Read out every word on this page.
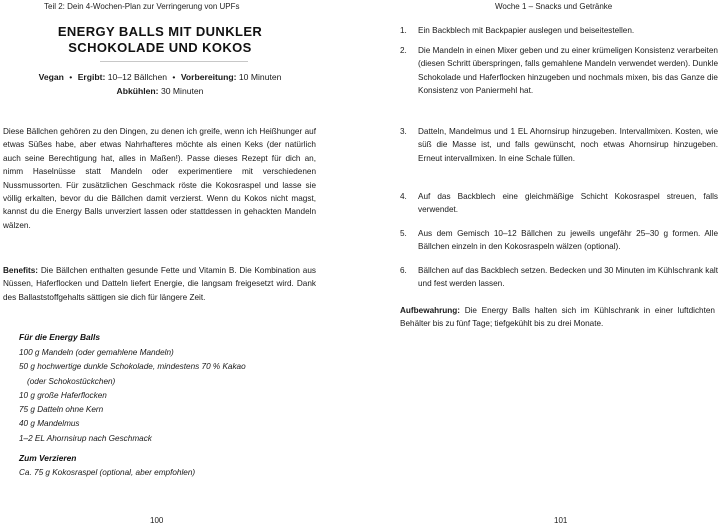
Teil 2: Dein 4-Wochen-Plan zur Verringerung von UPFs
ENERGY BALLS MIT DUNKLER
SCHOKOLADE UND KOKOS
Vegan • Ergibt: 10–12 Bällchen • Vorbereitung: 10 Minuten
Abkühlen: 30 Minuten
Diese Bällchen gehören zu den Dingen, zu denen ich greife, wenn ich Heißhunger auf etwas Süßes habe, aber etwas Nahrhafteres möchte als einen Keks (der natürlich auch seine Berechtigung hat, alles in Maßen!). Passe dieses Rezept für dich an, nimm Haselnüsse statt Mandeln oder experimentiere mit verschiedenen Nussmussorten. Für zusätzlichen Geschmack röste die Kokosraspel und lasse sie völlig erkalten, bevor du die Bällchen damit verzierst. Wenn du Kokos nicht magst, kannst du die Energy Balls unverziert lassen oder stattdessen in gehackten Mandeln wälzen.
Benefits: Die Bällchen enthalten gesunde Fette und Vitamin B. Die Kombination aus Nüssen, Haferflocken und Datteln liefert Energie, die langsam freigesetzt wird. Dank des Ballaststoffgehalts sättigen sie dich für längere Zeit.
Für die Energy Balls
100 g Mandeln (oder gemahlene Mandeln)
50 g hochwertige dunkle Schokolade, mindestens 70 % Kakao
(oder Schokostückchen)
10 g große Haferflocken
75 g Datteln ohne Kern
40 g Mandelmus
1–2 EL Ahornsirup nach Geschmack
Zum Verzieren
Ca. 75 g Kokosraspel (optional, aber empfohlen)
100
Woche 1 – Snacks und Getränke
1.	Ein Backblech mit Backpapier auslegen und beiseitestellen.
2.	Die Mandeln in einen Mixer geben und zu einer krümeligen Konsistenz verarbeiten (diesen Schritt überspringen, falls gemahlene Mandeln verwendet werden). Dunkle Schokolade und Haferflocken hinzugeben und nochmals mixen, bis das Ganze die Konsistenz von Paniermehl hat.
3.	Datteln, Mandelmus und 1 EL Ahornsirup hinzugeben. Intervallmixen. Kosten, wie süß die Masse ist, und falls gewünscht, noch etwas Ahornsirup hinzugeben. Erneut intervallmixen. In eine Schale füllen.
4.	Auf das Backblech eine gleichmäßige Schicht Kokosraspel streuen, falls verwendet.
5.	Aus dem Gemisch 10–12 Bällchen zu jeweils ungefähr 25–30 g formen. Alle Bällchen einzeln in den Kokosraspeln wälzen (optional).
6.	Bällchen auf das Backblech setzen. Bedecken und 30 Minuten im Kühlschrank kalt und fest werden lassen.
Aufbewahrung: Die Energy Balls halten sich im Kühlschrank in einer luftdichten Behälter bis zu fünf Tage; tiefgekühlt bis zu drei Monate.
101
